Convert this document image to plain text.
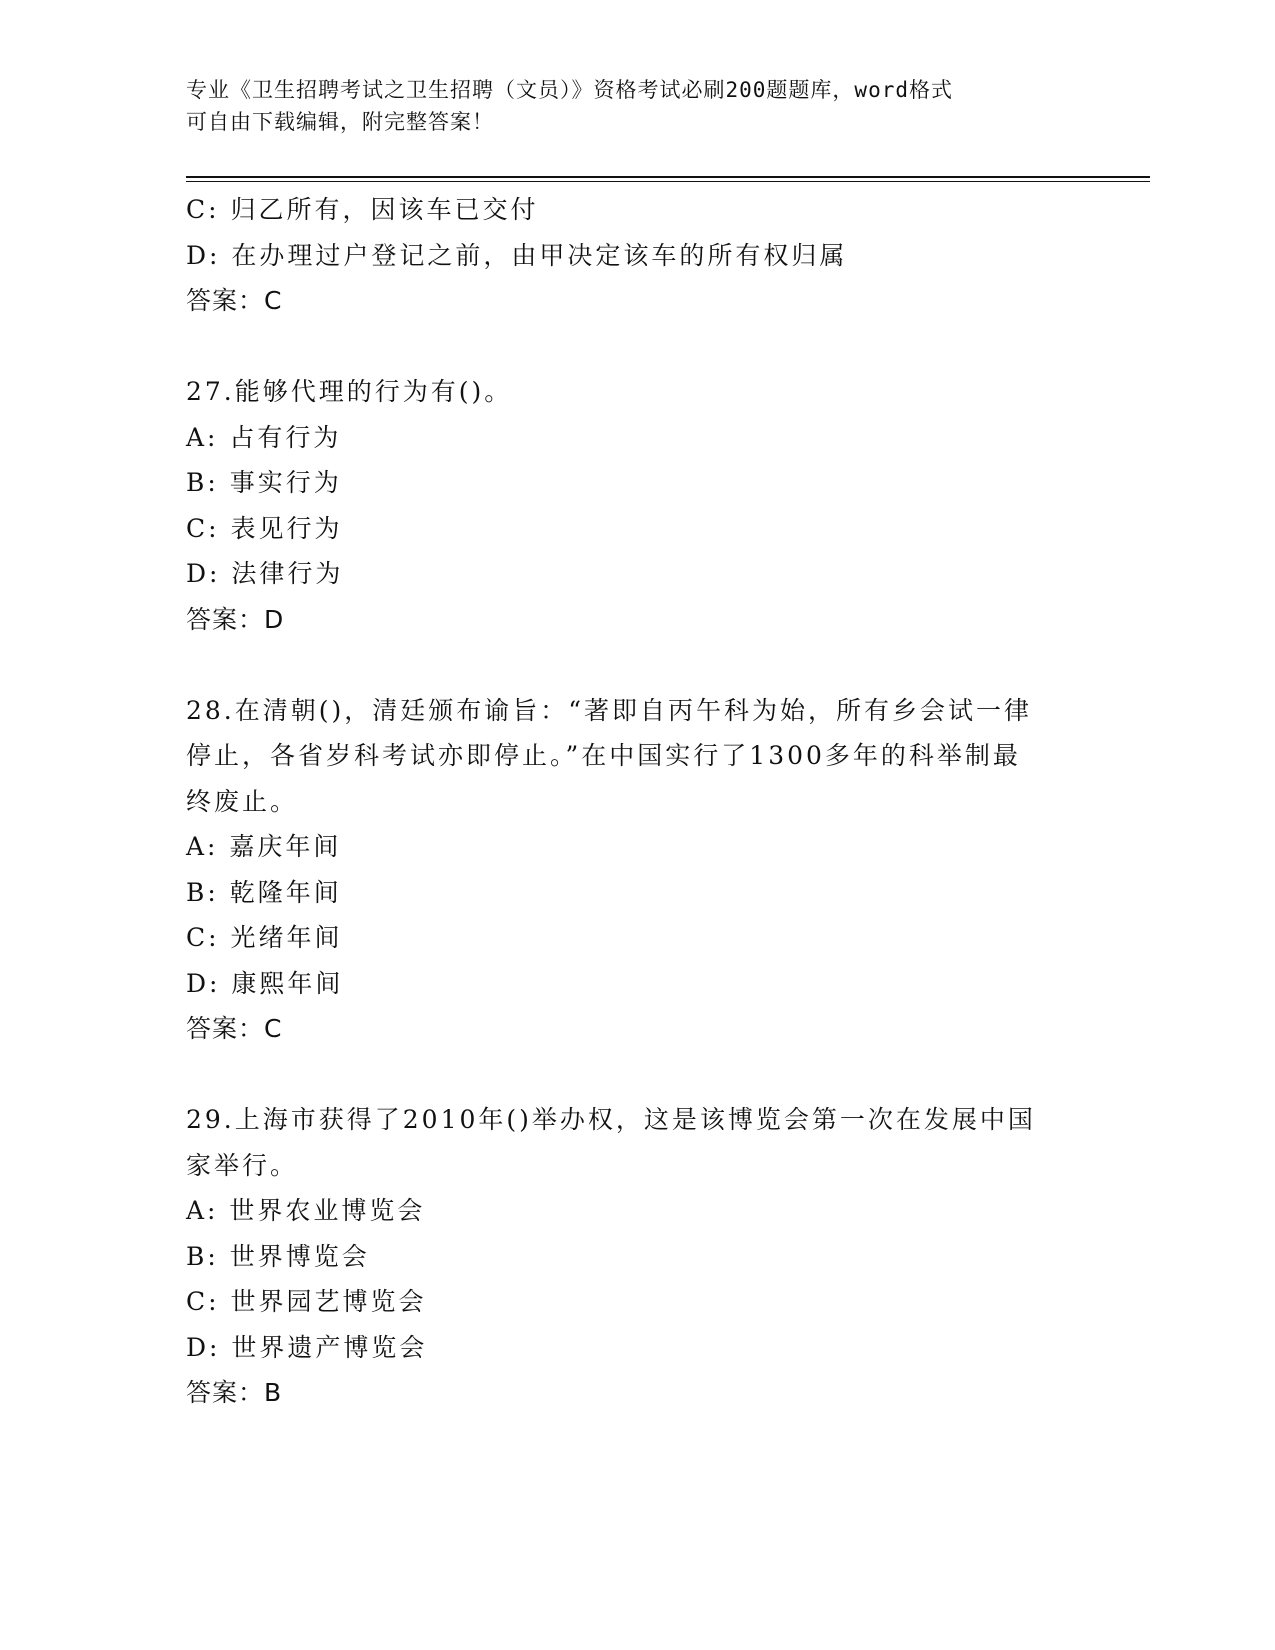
专业《卫生招聘考试之卫生招聘（文员）》资格考试必刷200题题库，word格式
可自由下载编辑，附完整答案！
C: 归乙所有，因该车已交付
D: 在办理过户登记之前，由甲决定该车的所有权归属
答案：C
27.能够代理的行为有()。
A: 占有行为
B: 事实行为
C: 表见行为
D: 法律行为
答案：D
28.在清朝()，清廷颁布谕旨：“著即自丙午科为始，所有乡会试一律
停止，各省岁科考试亦即停止。”在中国实行了1300多年的科举制最
终废止。
A: 嘉庆年间
B: 乾隆年间
C: 光绪年间
D: 康熙年间
答案：C
29.上海市获得了2010年()举办权，这是该博览会第一次在发展中国
家举行。
A: 世界农业博览会
B: 世界博览会
C: 世界园艺博览会
D: 世界遗产博览会
答案：B
